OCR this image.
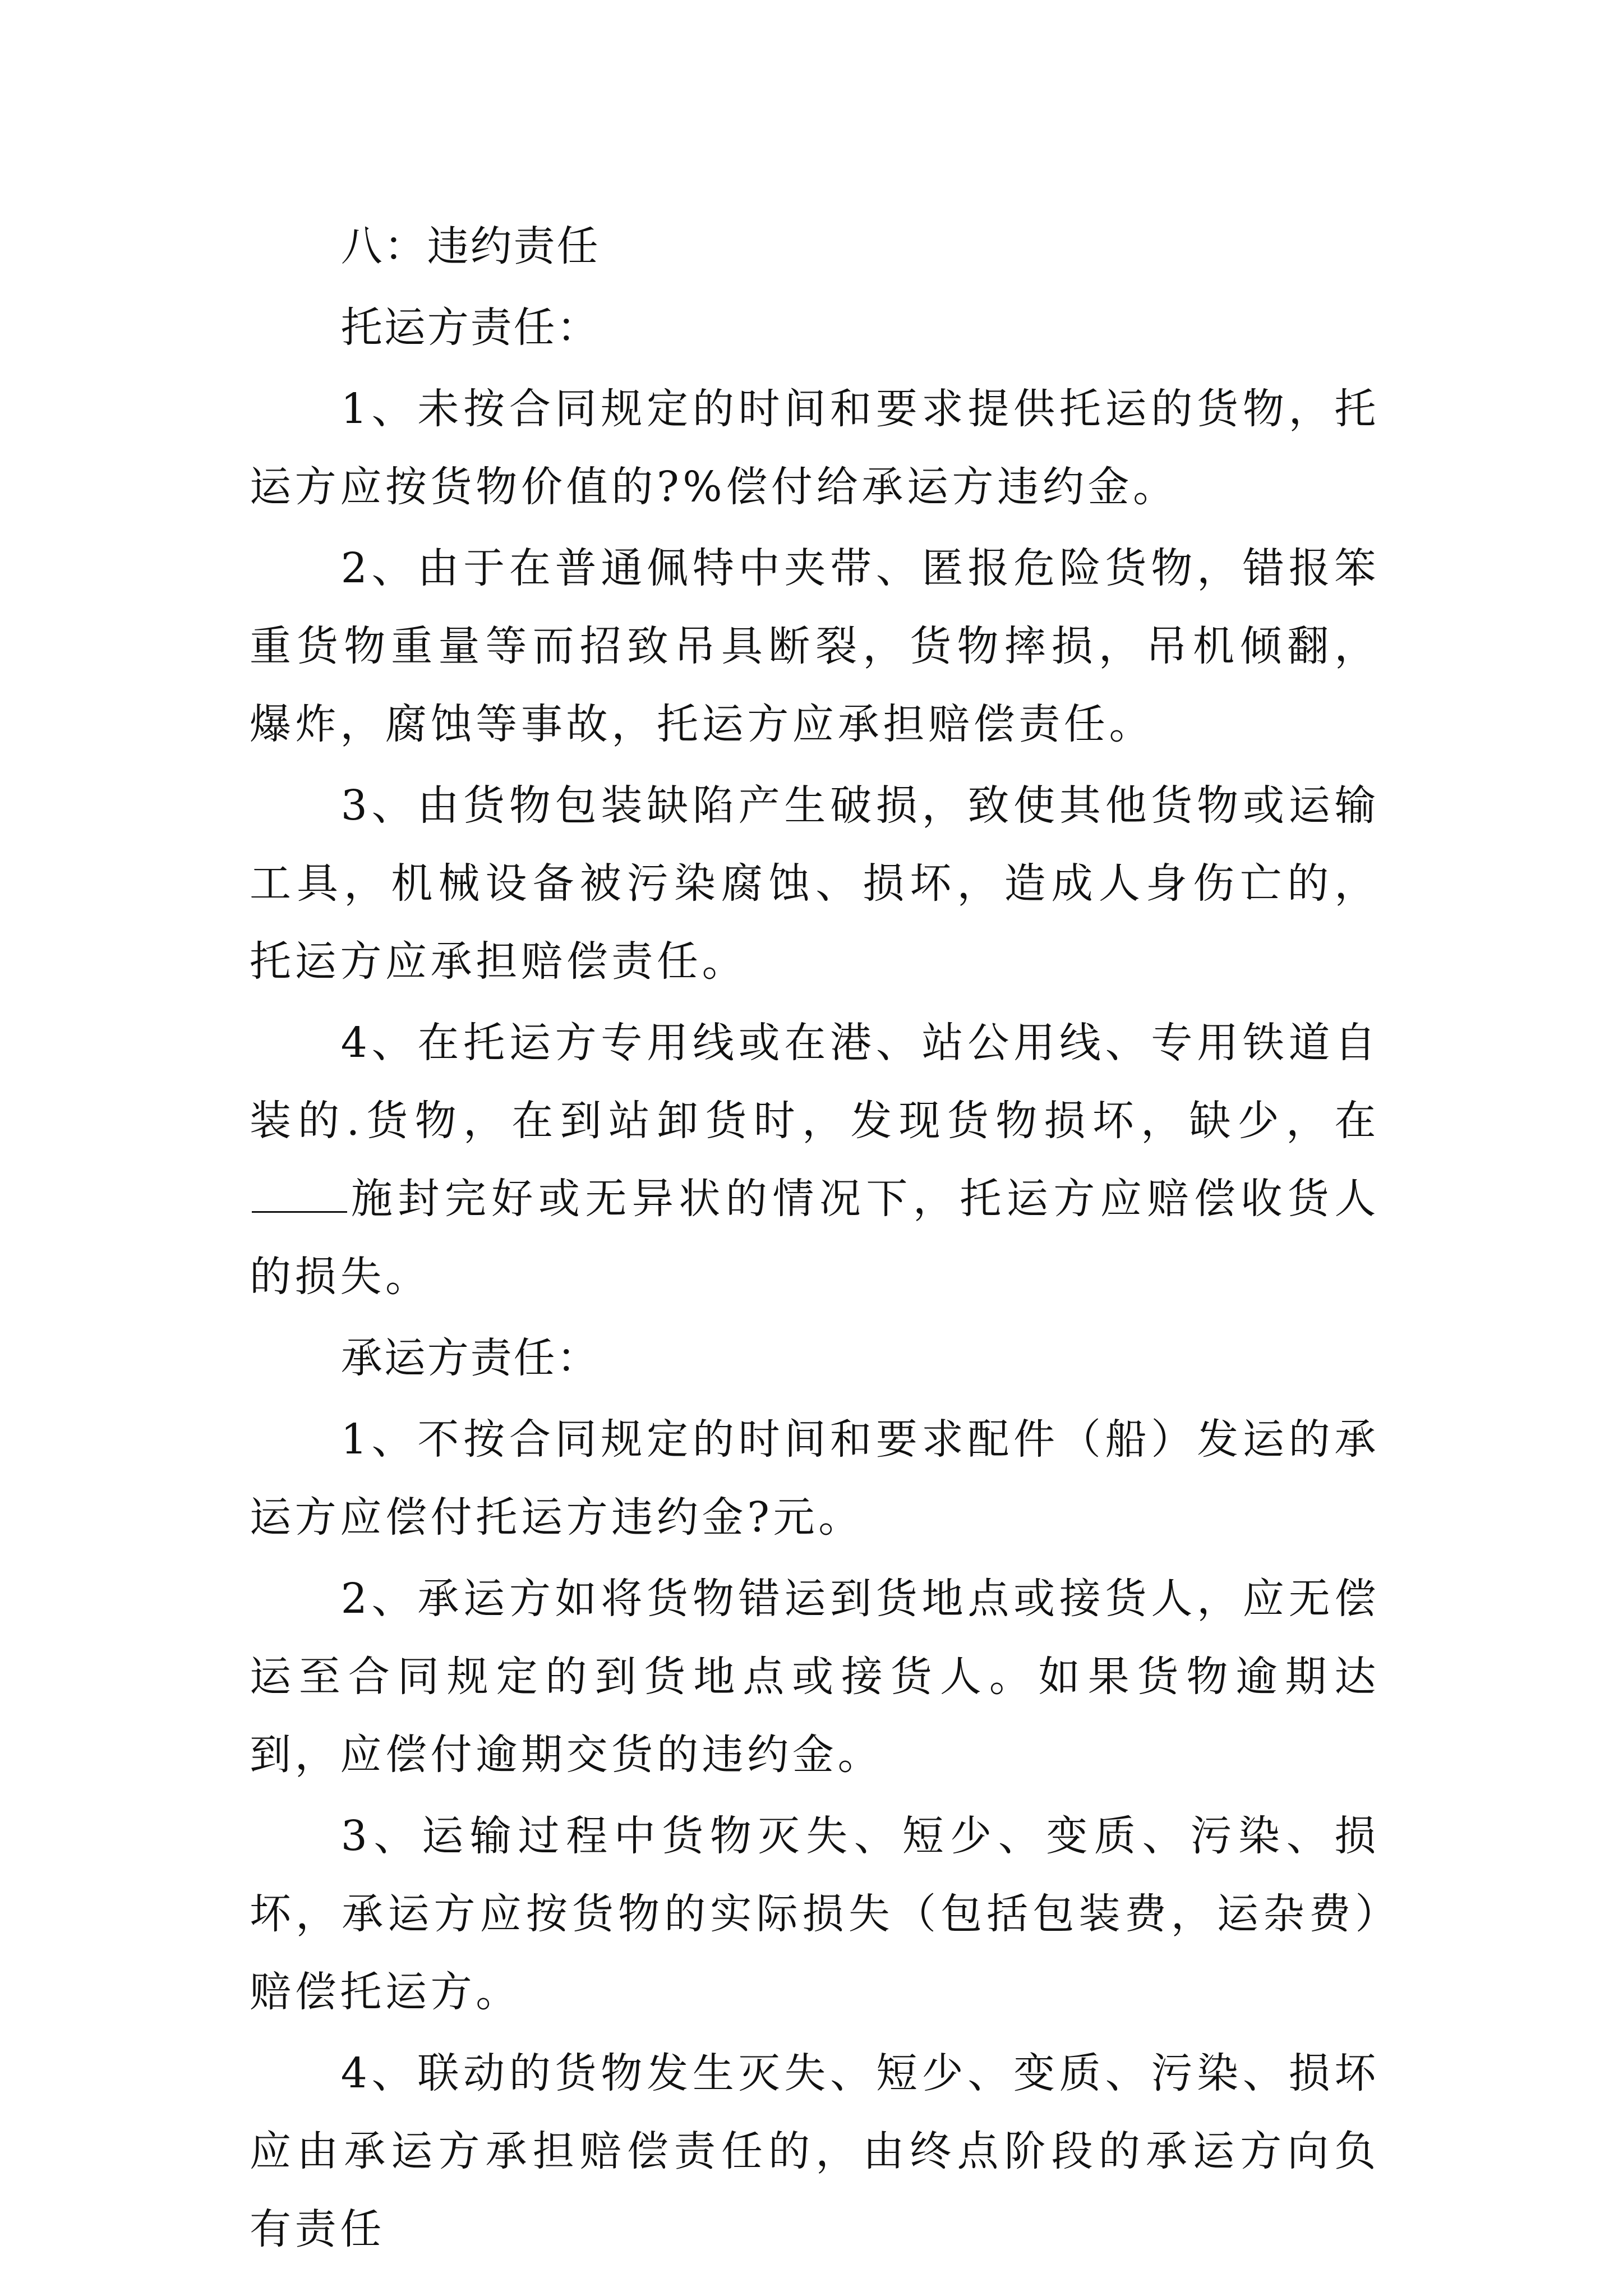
八：违约责任

托运方责任：

1、未按合同规定的时间和要求提供托运的货物，托运方应按货物价值的?%偿付给承运方违约金。

2、由于在普通佩特中夹带、匿报危险货物，错报笨重货物重量等而招致吊具断裂，货物摔损，吊机倾翻，爆炸，腐蚀等事故，托运方应承担赔偿责任。

3、由货物包装缺陷产生破损，致使其他货物或运输工具，机械设备被污染腐蚀、损坏，造成人身伤亡的，托运方应承担赔偿责任。

4、在托运方专用线或在港、站公用线、专用铁道自装的.货物，在到站卸货时，发现货物损坏，缺少，在施封完好或无异状的情况下，托运方应赔偿收货人的损失。

承运方责任：

1、不按合同规定的时间和要求配件（船）发运的承运方应偿付托运方违约金?元。

2、承运方如将货物错运到货地点或接货人，应无偿运至合同规定的到货地点或接货人。如果货物逾期达到，应偿付逾期交货的违约金。

3、运输过程中货物灭失、短少、变质、污染、损坏，承运方应按货物的实际损失（包括包装费，运杂费）赔偿托运方。

4、联动的货物发生灭失、短少、变质、污染、损坏应由承运方承担赔偿责任的，由终点阶段的承运方向负有责任
